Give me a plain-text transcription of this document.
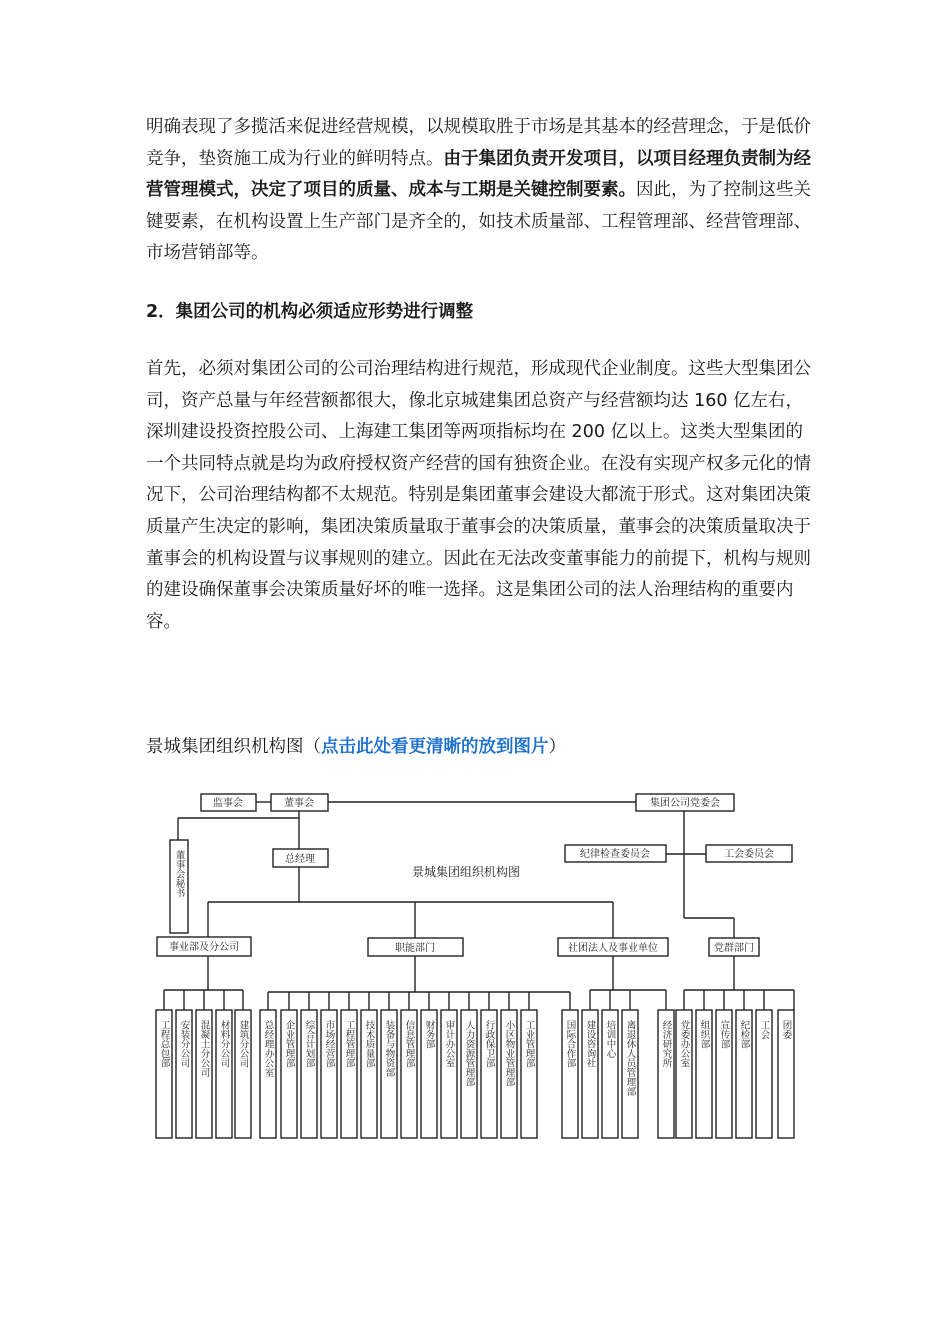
明确表现了多揽活来促进经营规模，以规模取胜于市场是其基本的经营理念，于是低价竞争，垫资施工成为行业的鲜明特点。由于集团负责开发项目，以项目经理负责制为经营管理模式，决定了项目的质量、成本与工期是关键控制要素。因此，为了控制这些关键要素，在机构设置上生产部门是齐全的，如技术质量部、工程管理部、经营管理部、市场营销部等。

2．集团公司的机构必须适应形势进行调整

首先，必须对集团公司的公司治理结构进行规范，形成现代企业制度。这些大型集团公司，资产总量与年经营额都很大，像北京城建集团总资产与经营额均达 160 亿左右，深圳建设投资控股公司、上海建工集团等两项指标均在 200 亿以上。这类大型集团的一个共同特点就是均为政府授权资产经营的国有独资企业。在没有实现产权多元化的情况下，公司治理结构都不太规范。特别是集团董事会建设大都流于形式。这对集团决策质量产生决定的影响，集团决策质量取于董事会的决策质量，董事会的决策质量取决于董事会的机构设置与议事规则的建立。因此在无法改变董事能力的前提下，机构与规则的建设确保董事会决策质量好坏的唯一选择。这是集团公司的法人治理结构的重要内容。

景城集团组织机构图（点击此处看更清晰的放到图片）

监事会	董事会	集团公司党委会
董事会秘书	总经理
景城集团组织机构图
纪律检查委员会	工会委员会
事业部及分公司	职能部门	社团法人及事业单位	党群部门
工程总包部 安装分公司 混凝土分公司 材料分公司 建筑分公司 总经理办公室 企业管理部 综合计划部 市场经营部 工程管理部 技术质量部 装备与物资部 信息管理部 财务部 审计办公室 人力资源管理部 行政保卫部 小区物业管理部 工业管理部	国际合作部 建设咨询社 培训中心 离退休人员管理部	经济研究所 党委办公室 组织部 宣传部 纪检部 工会 团委
